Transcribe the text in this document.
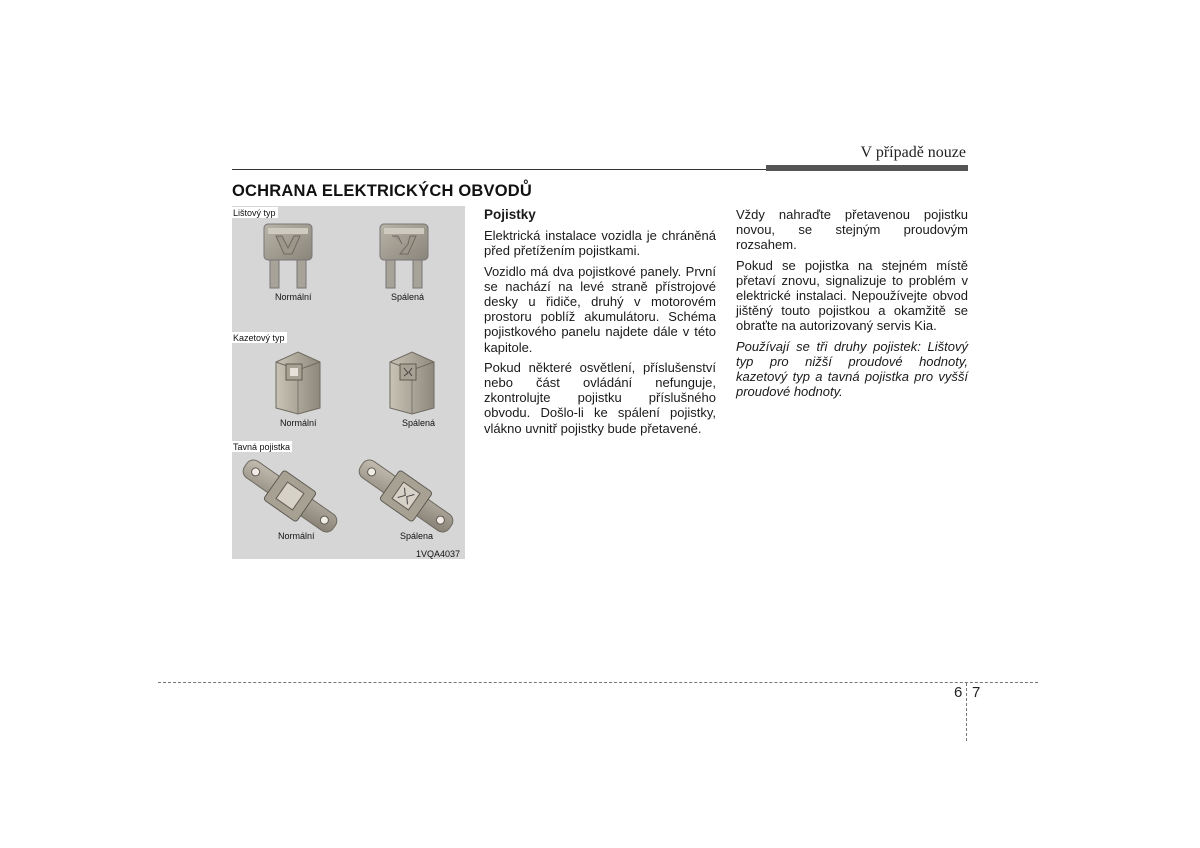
V případě nouze
OCHRANA ELEKTRICKÝCH OBVODŮ
Lištový typ
Normální	Spálená
Kazetový typ
Normální	Spálená
Tavná pojistka
Normální	Spálena
1VQA4037

Pojistky

Elektrická instalace vozidla je chráněná před přetížením pojistkami.

Vozidlo má dva pojistkové panely. První se nachází na levé straně přístrojové desky u řidiče, druhý v motorovém prostoru poblíž akumulátoru. Schéma pojistkového panelu najdete dále v této kapitole.

Pokud některé osvětlení, příslušenství nebo část ovládání nefunguje, zkontrolujte pojistku příslušného obvodu. Došlo-li ke spálení pojistky, vlákno uvnitř pojistky bude přetavené.

Vždy nahraďte přetavenou pojistku novou, se stejným proudovým rozsahem.

Pokud se pojistka na stejném místě přetaví znovu, signalizuje to problém v elektrické instalaci. Nepoužívejte obvod jištěný touto pojistkou a okamžitě se obraťte na autorizovaný servis Kia.

Používají se tři druhy pojistek: Lištový typ pro nižší proudové hodnoty, kazetový typ a tavná pojistka pro vyšší proudové hodnoty.

6 7
